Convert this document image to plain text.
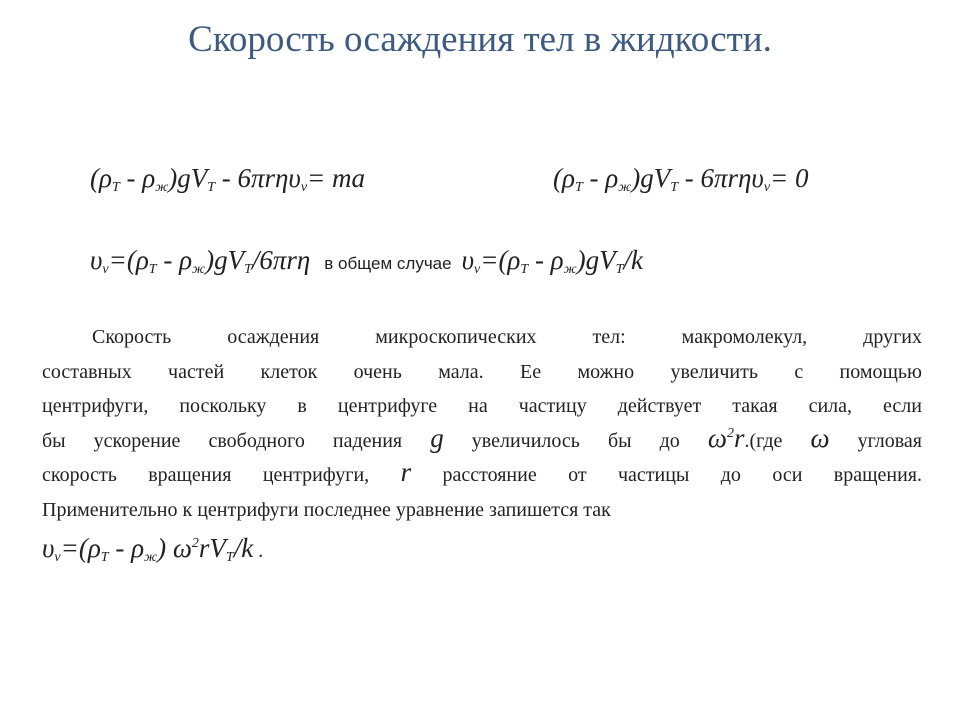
Скорость осаждения тел в жидкости.
$(\rho_Т - \rho_ж)gV_Т - 6\pi r\eta\upsilon_v=$ ma	$(\rho_Т - \rho_ж)gV_Т - 6\pi r\eta\upsilon_v= 0$
$\upsilon_v=(\rho_Т - \rho_ж)gV_Т/6\pi r\eta$ в общем случае $\upsilon_v=(\rho_Т - \rho_ж)gV_Т/k$
Скорость осаждения микроскопических тел: макромолекул, других
составных частей клеток очень мала. Ее можно увеличить с помощью
центрифуги, поскольку в центрифуге на частицу действует такая сила, если
бы ускорение свободного падения g увеличилось бы до $\omega^2r.(где$ ω угловая
скорость вращения центрифуги, r расстояние от частицы до оси вращения.
Применительно к центрифуги последнее уравнение запишется так
$\upsilon_v=(\rho_Т - \rho_ж)$ $\omega^2rV_Т/k$ .
